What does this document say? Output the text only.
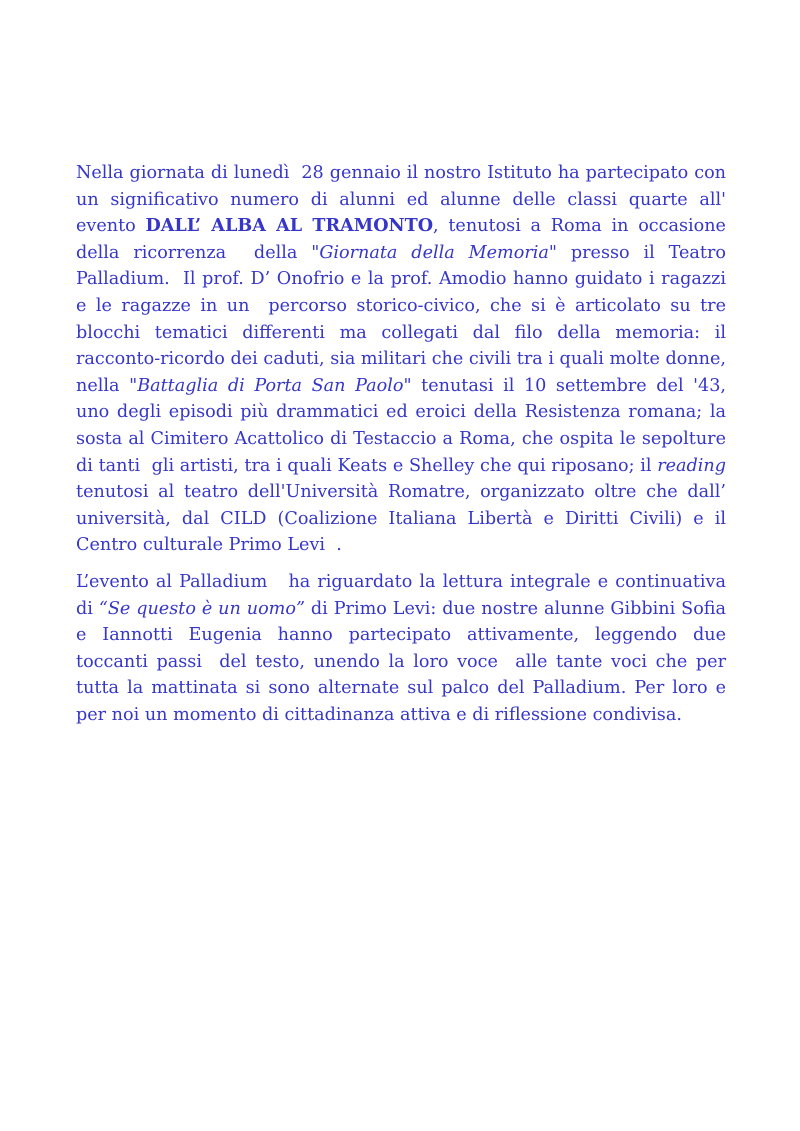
Nella giornata di lunedì  28 gennaio il nostro Istituto ha partecipato con un significativo numero di alunni ed alunne delle classi quarte all' evento DALL’ ALBA AL TRAMONTO, tenutosi a Roma in occasione della ricorrenza  della "Giornata della Memoria" presso il Teatro Palladium.  Il prof. D’ Onofrio e la prof. Amodio hanno guidato i ragazzi e le ragazze in un  percorso storico-civico, che si è articolato su tre blocchi tematici differenti ma collegati dal filo della memoria: il racconto-ricordo dei caduti, sia militari che civili tra i quali molte donne, nella "Battaglia di Porta San Paolo" tenutasi il 10 settembre del '43,  uno degli episodi più drammatici ed eroici della Resistenza romana; la sosta al Cimitero Acattolico di Testaccio a Roma, che ospita le sepolture di tanti  gli artisti, tra i quali Keats e Shelley che qui riposano; il reading tenutosi al teatro dell'Università Romatre, organizzato oltre che dall’ università, dal CILD (Coalizione Italiana Libertà e Diritti Civili) e il Centro culturale Primo Levi  .

L’evento al Palladium   ha riguardato la lettura integrale e continuativa di “Se questo è un uomo” di Primo Levi: due nostre alunne Gibbini Sofia e Iannotti Eugenia hanno partecipato attivamente, leggendo due toccanti passi  del testo, unendo la loro voce  alle tante voci che per tutta la mattinata si sono alternate sul palco del Palladium. Per loro e per noi un momento di cittadinanza attiva e di riflessione condivisa.
